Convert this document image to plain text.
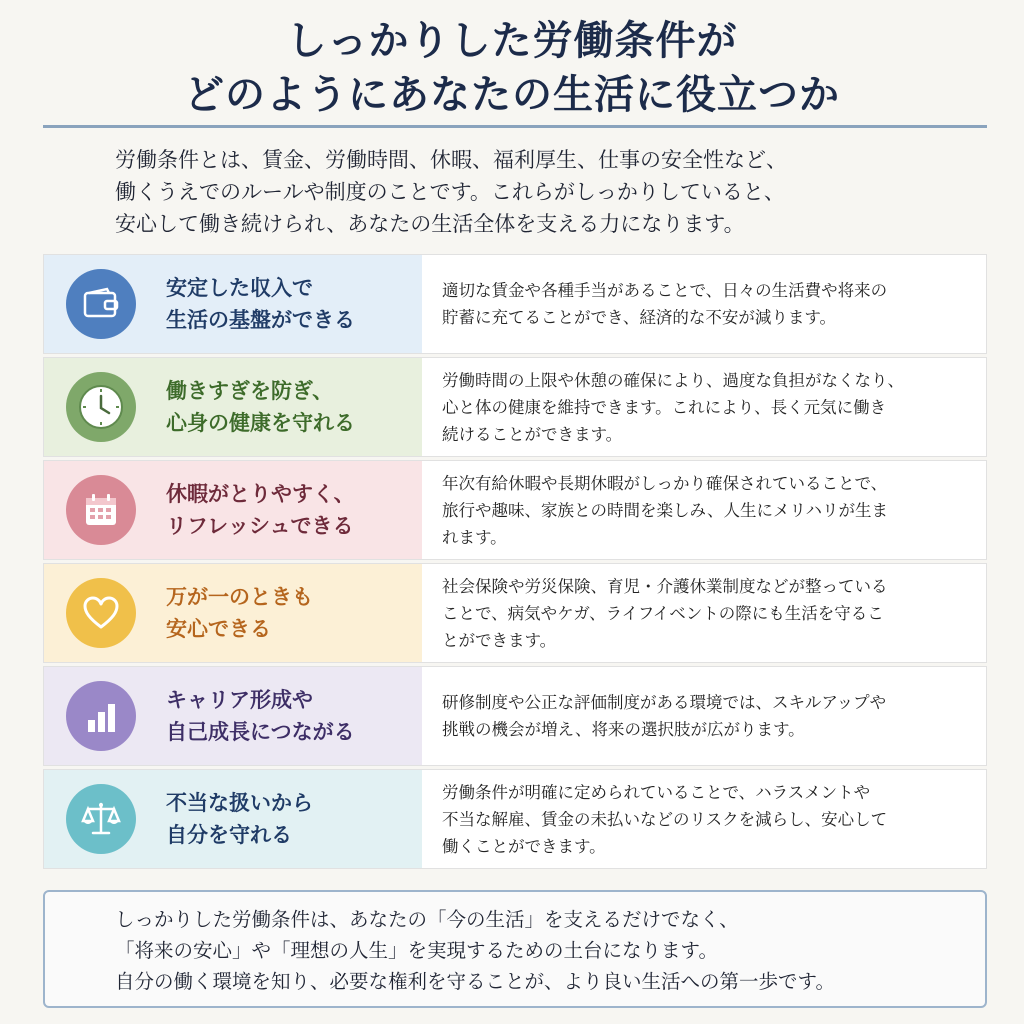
しっかりした労働条件が
どのようにあなたの生活に役立つか
労働条件とは、賃金、労働時間、休暇、福利厚生、仕事の安全性など、
働くうえでのルールや制度のことです。これらがしっかりしていると、
安心して働き続けられ、あなたの生活全体を支える力になります。
安定した収入で
生活の基盤ができる
適切な賃金や各種手当があることで、日々の生活費や将来の
貯蓄に充てることができ、経済的な不安が減ります。
働きすぎを防ぎ、
心身の健康を守れる
労働時間の上限や休憩の確保により、過度な負担がなくなり、
心と体の健康を維持できます。これにより、長く元気に働き
続けることができます。
休暇がとりやすく、
リフレッシュできる
年次有給休暇や長期休暇がしっかり確保されていることで、
旅行や趣味、家族との時間を楽しみ、人生にメリハリが生ま
れます。
万が一のときも
安心できる
社会保険や労災保険、育児・介護休業制度などが整っている
ことで、病気やケガ、ライフイベントの際にも生活を守るこ
とができます。
キャリア形成や
自己成長につながる
研修制度や公正な評価制度がある環境では、スキルアップや
挑戦の機会が増え、将来の選択肢が広がります。
不当な扱いから
自分を守れる
労働条件が明確に定められていることで、ハラスメントや
不当な解雇、賃金の未払いなどのリスクを減らし、安心して
働くことができます。
しっかりした労働条件は、あなたの「今の生活」を支えるだけでなく、
「将来の安心」や「理想の人生」を実現するための土台になります。
自分の働く環境を知り、必要な権利を守ることが、より良い生活への第一歩です。
